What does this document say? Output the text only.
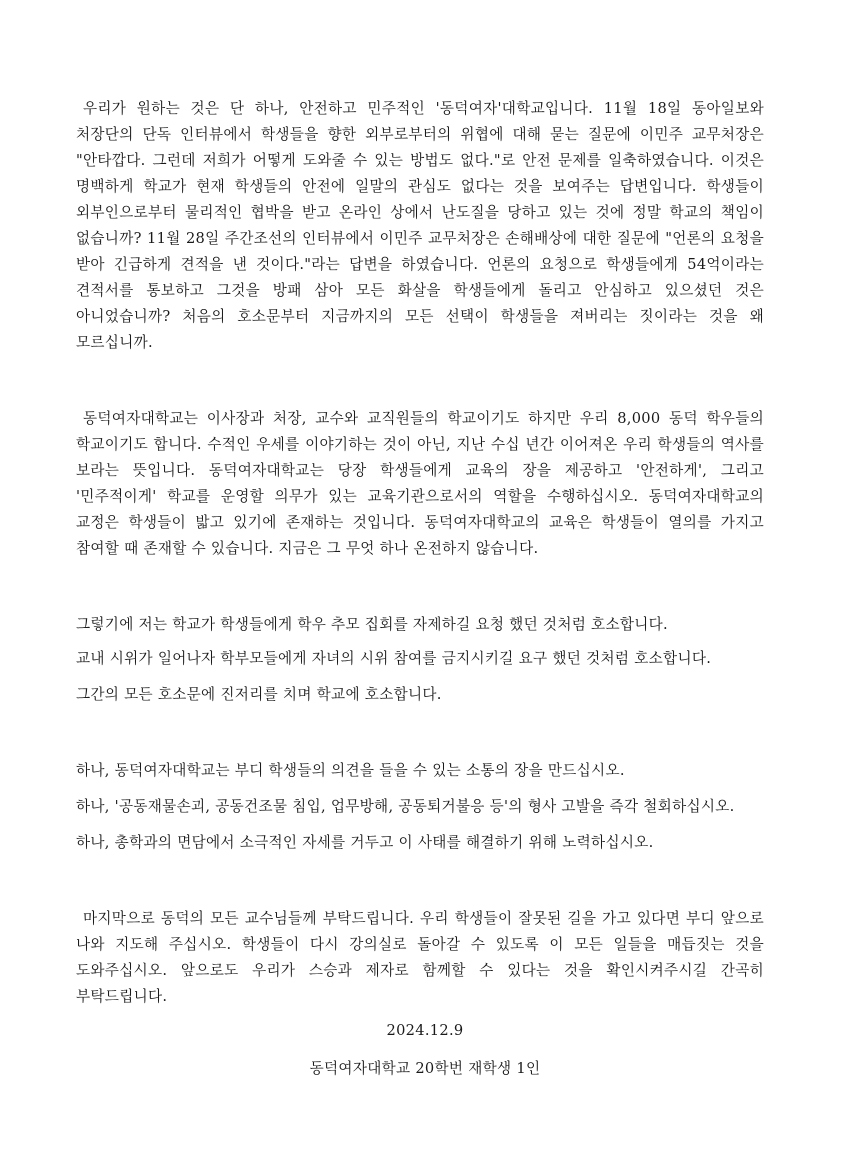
우리가 원하는 것은 단 하나, 안전하고 민주적인 '동덕여자'대학교입니다. 11월 18일 동아일보와 처장단의 단독 인터뷰에서 학생들을 향한 외부로부터의 위협에 대해 묻는 질문에 이민주 교무처장은 "안타깝다. 그런데 저희가 어떻게 도와줄 수 있는 방법도 없다."로 안전 문제를 일축하였습니다. 이것은 명백하게 학교가 현재 학생들의 안전에 일말의 관심도 없다는 것을 보여주는 답변입니다. 학생들이 외부인으로부터 물리적인 협박을 받고 온라인 상에서 난도질을 당하고 있는 것에 정말 학교의 책임이 없습니까? 11월 28일 주간조선의 인터뷰에서 이민주 교무처장은 손해배상에 대한 질문에 "언론의 요청을 받아 긴급하게 견적을 낸 것이다."라는 답변을 하였습니다. 언론의 요청으로 학생들에게 54억이라는 견적서를 통보하고 그것을 방패 삼아 모든 화살을 학생들에게 돌리고 안심하고 있으셨던 것은 아니었습니까? 처음의 호소문부터 지금까지의 모든 선택이 학생들을 져버리는 짓이라는 것을 왜 모르십니까.

동덕여자대학교는 이사장과 처장, 교수와 교직원들의 학교이기도 하지만 우리 8,000 동덕 학우들의 학교이기도 합니다. 수적인 우세를 이야기하는 것이 아닌, 지난 수십 년간 이어져온 우리 학생들의 역사를 보라는 뜻입니다. 동덕여자대학교는 당장 학생들에게 교육의 장을 제공하고 '안전하게', 그리고 '민주적이게' 학교를 운영할 의무가 있는 교육기관으로서의 역할을 수행하십시오. 동덕여자대학교의 교정은 학생들이 밟고 있기에 존재하는 것입니다. 동덕여자대학교의 교육은 학생들이 열의를 가지고 참여할 때 존재할 수 있습니다. 지금은 그 무엇 하나 온전하지 않습니다.

그렇기에 저는 학교가 학생들에게 학우 추모 집회를 자제하길 요청 했던 것처럼 호소합니다.

교내 시위가 일어나자 학부모들에게 자녀의 시위 참여를 금지시키길 요구 했던 것처럼 호소합니다.

그간의 모든 호소문에 진저리를 치며 학교에 호소합니다.

하나, 동덕여자대학교는 부디 학생들의 의견을 들을 수 있는 소통의 장을 만드십시오.

하나, '공동재물손괴, 공동건조물 침입, 업무방해, 공동퇴거불응 등'의 형사 고발을 즉각 철회하십시오.

하나, 총학과의 면담에서 소극적인 자세를 거두고 이 사태를 해결하기 위해 노력하십시오.

마지막으로 동덕의 모든 교수님들께 부탁드립니다. 우리 학생들이 잘못된 길을 가고 있다면 부디 앞으로 나와 지도해 주십시오. 학생들이 다시 강의실로 돌아갈 수 있도록 이 모든 일들을 매듭짓는 것을 도와주십시오. 앞으로도 우리가 스승과 제자로 함께할 수 있다는 것을 확인시켜주시길 간곡히 부탁드립니다.

2024.12.9

동덕여자대학교 20학번 재학생 1인
